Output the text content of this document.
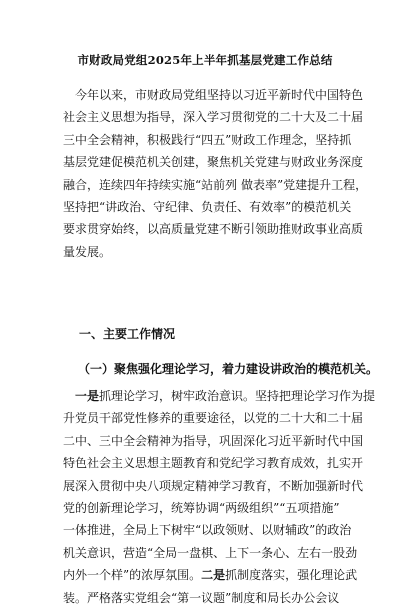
市财政局党组2025年上半年抓基层党建工作总结
今年以来，市财政局党组坚持以习近平新时代中国特色
社会主义思想为指导，深入学习贯彻党的二十大及二十届
三中全会精神，积极践行“四五”财政工作理念，坚持抓
基层党建促模范机关创建，聚焦机关党建与财政业务深度
融合，连续四年持续实施“站前列 做表率”党建提升工程，
坚持把“讲政治、守纪律、负责任、有效率”的模范机关
要求贯穿始终，以高质量党建不断引领助推财政事业高质
量发展。
一、主要工作情况
（一）聚焦强化理论学习，着力建设讲政治的模范机关。
一是抓理论学习，树牢政治意识。坚持把理论学习作为提
升党员干部党性修养的重要途径，以党的二十大和二十届
二中、三中全会精神为指导，巩固深化习近平新时代中国
特色社会主义思想主题教育和党纪学习教育成效，扎实开
展深入贯彻中央八项规定精神学习教育，不断加强新时代
党的创新理论学习，统筹协调“两级组织”“五项措施”
一体推进，全局上下树牢“以政领财、以财辅政”的政治
机关意识，营造“全局一盘棋、上下一条心、左右一股劲
内外一个样”的浓厚氛围。二是抓制度落实，强化理论武
装。严格落实党组会“第一议题”制度和局长办公会议
